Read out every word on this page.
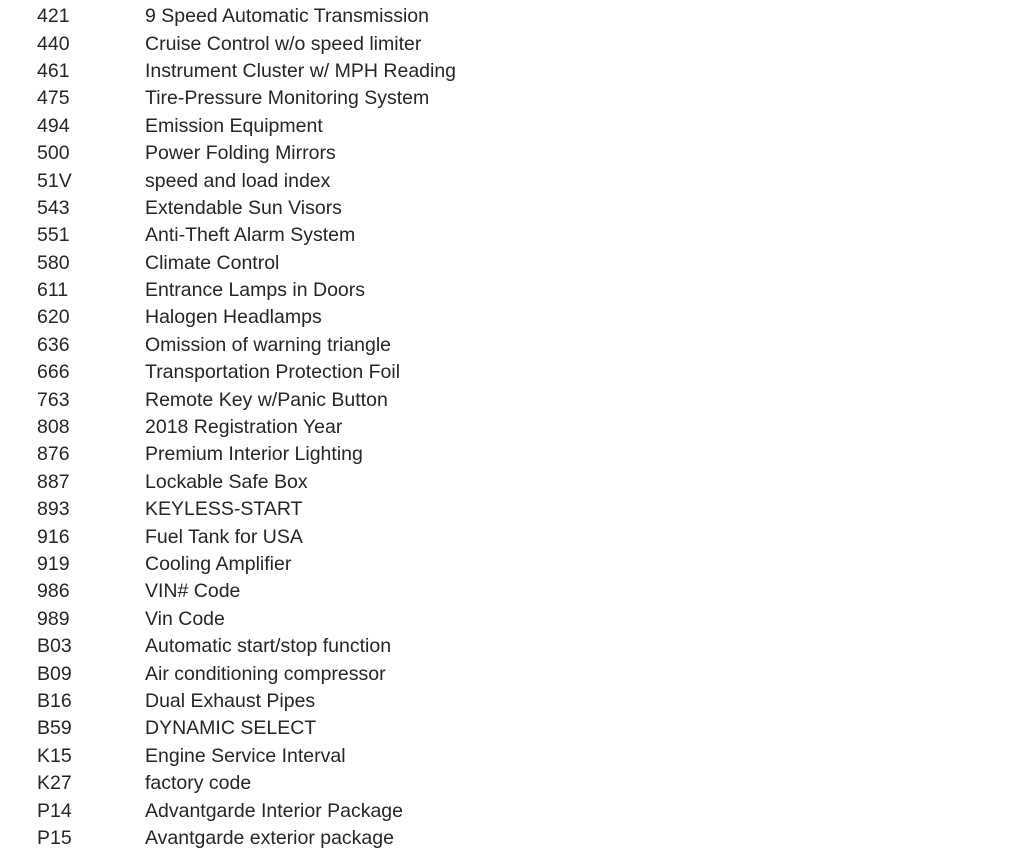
421	9 Speed Automatic Transmission
440	Cruise Control w/o speed limiter
461	Instrument Cluster w/ MPH Reading
475	Tire-Pressure Monitoring System
494	Emission Equipment
500	Power Folding Mirrors
51V	speed and load index
543	Extendable Sun Visors
551	Anti-Theft Alarm System
580	Climate Control
611	Entrance Lamps in Doors
620	Halogen Headlamps
636	Omission of warning triangle
666	Transportation Protection Foil
763	Remote Key w/Panic Button
808	2018 Registration Year
876	Premium Interior Lighting
887	Lockable Safe Box
893	KEYLESS-START
916	Fuel Tank for USA
919	Cooling Amplifier
986	VIN# Code
989	Vin Code
B03	Automatic start/stop function
B09	Air conditioning compressor
B16	Dual Exhaust Pipes
B59	DYNAMIC SELECT
K15	Engine Service Interval
K27	factory code
P14	Advantgarde Interior Package
P15	Avantgarde exterior package
